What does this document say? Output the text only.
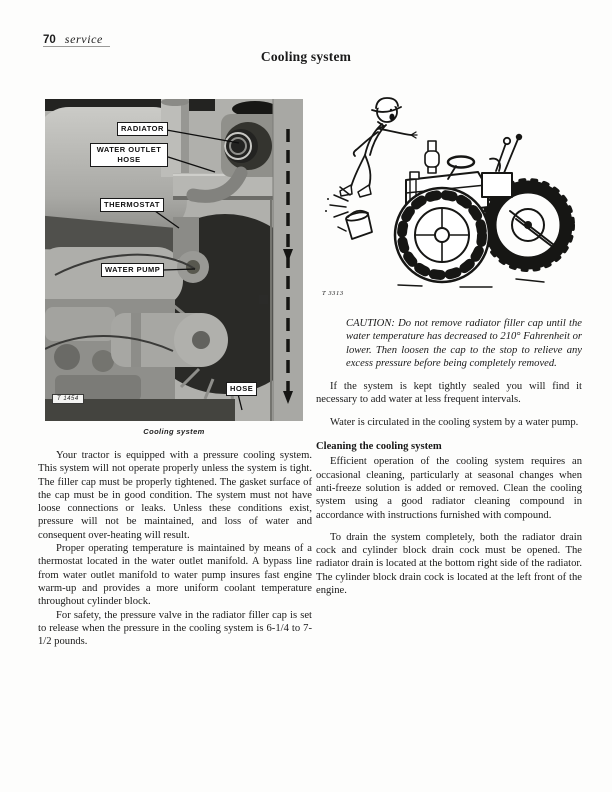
70 service
Cooling system
RADIATOR
WATER OUTLET HOSE
THERMOSTAT
WATER PUMP
HOSE
T 1454
Cooling system
T 3313

Your tractor is equipped with a pressure cooling system. This system will not operate properly unless the system is tight. The filler cap must be properly tightened. The gasket surface of the cap must be in good condition. The system must not have loose connections or leaks. Unless these conditions exist, pressure will not be maintained, and loss of water and consequent over-heating will result.

Proper operating temperature is maintained by means of a thermostat located in the water outlet manifold. A bypass line from water outlet manifold to water pump insures fast engine warm-up and provides a more uniform coolant temperature throughout cylinder block.

For safety, the pressure valve in the radiator filler cap is set to release when the pressure in the cooling system is 6-1/4 to 7-1/2 pounds.

CAUTION: Do not remove radiator filler cap until the water temperature has decreased to 210° Fahrenheit or lower. Then loosen the cap to the stop to relieve any excess pressure before being completely removed.

If the system is kept tightly sealed you will find it necessary to add water at less frequent intervals.

Water is circulated in the cooling system by a water pump.

Cleaning the cooling system

Efficient operation of the cooling system requires an occasional cleaning, particularly at seasonal changes when anti-freeze solution is added or removed. Clean the cooling system using a good radiator cleaning compound in accordance with instructions furnished with compound.

To drain the system completely, both the radiator drain cock and cylinder block drain cock must be opened. The radiator drain is located at the bottom right side of the radiator. The cylinder block drain cock is located at the left front of the engine.
